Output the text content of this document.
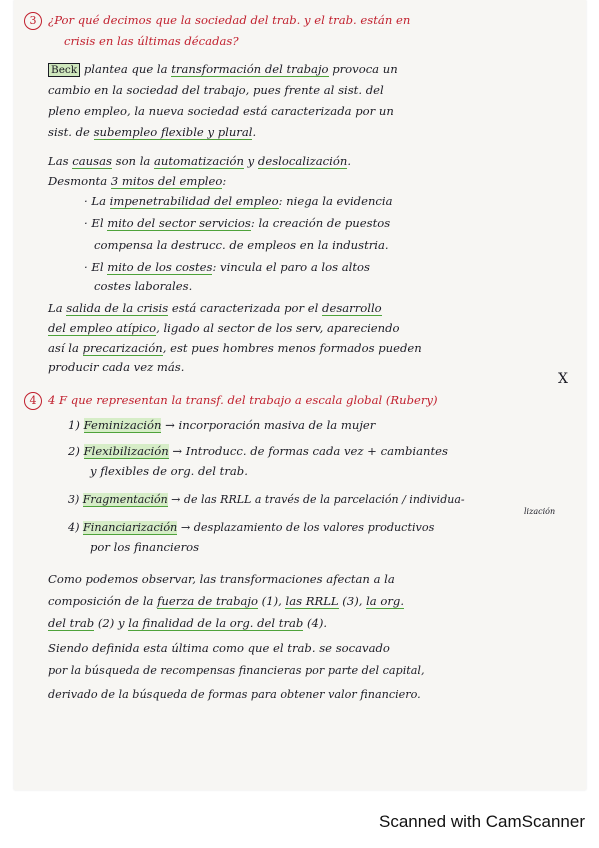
3 ¿Por qué decimos que la sociedad del trab. y el trab. están en
crisis en las últimas décadas?
Beck plantea que la transformación del trabajo provoca un
cambio en la sociedad del trabajo, pues frente al sist. del
pleno empleo, la nueva sociedad está caracterizada por un
sist. de subempleo flexible y plural.
Las causas son la automatización y deslocalización.
Desmonta 3 mitos del empleo:
· La impenetrabilidad del empleo: niega la evidencia
· El mito del sector servicios: la creación de puestos
compensa la destrucc. de empleos en la industria.
· El mito de los costes: vincula el paro a los altos
costes laborales.
La salida de la crisis está caracterizada por el desarrollo
del empleo atípico, ligado al sector de los serv, apareciendo
así la precarización, est pues hombres menos formados pueden
producir cada vez más.
4 4 F que representan la transf. del trabajo a escala global (Rubery)
X
1) Feminización → incorporación masiva de la mujer
2) Flexibilización → Introducc. de formas cada vez + cambiantes
y flexibles de org. del trab.
3) Fragmentación → de las RRLL a través de la parcelación / individua-
lización
4) Financiarización → desplazamiento de los valores productivos
por los financieros
Como podemos observar, las transformaciones afectan a la
composición de la fuerza de trabajo (1), las RRLL (3), la org.
del trab (2) y la finalidad de la org. del trab (4).
Siendo definida esta última como que el trab. se socavado
por la búsqueda de recompensas financieras por parte del capital,
derivado de la búsqueda de formas para obtener valor financiero.
Scanned with CamScanner
